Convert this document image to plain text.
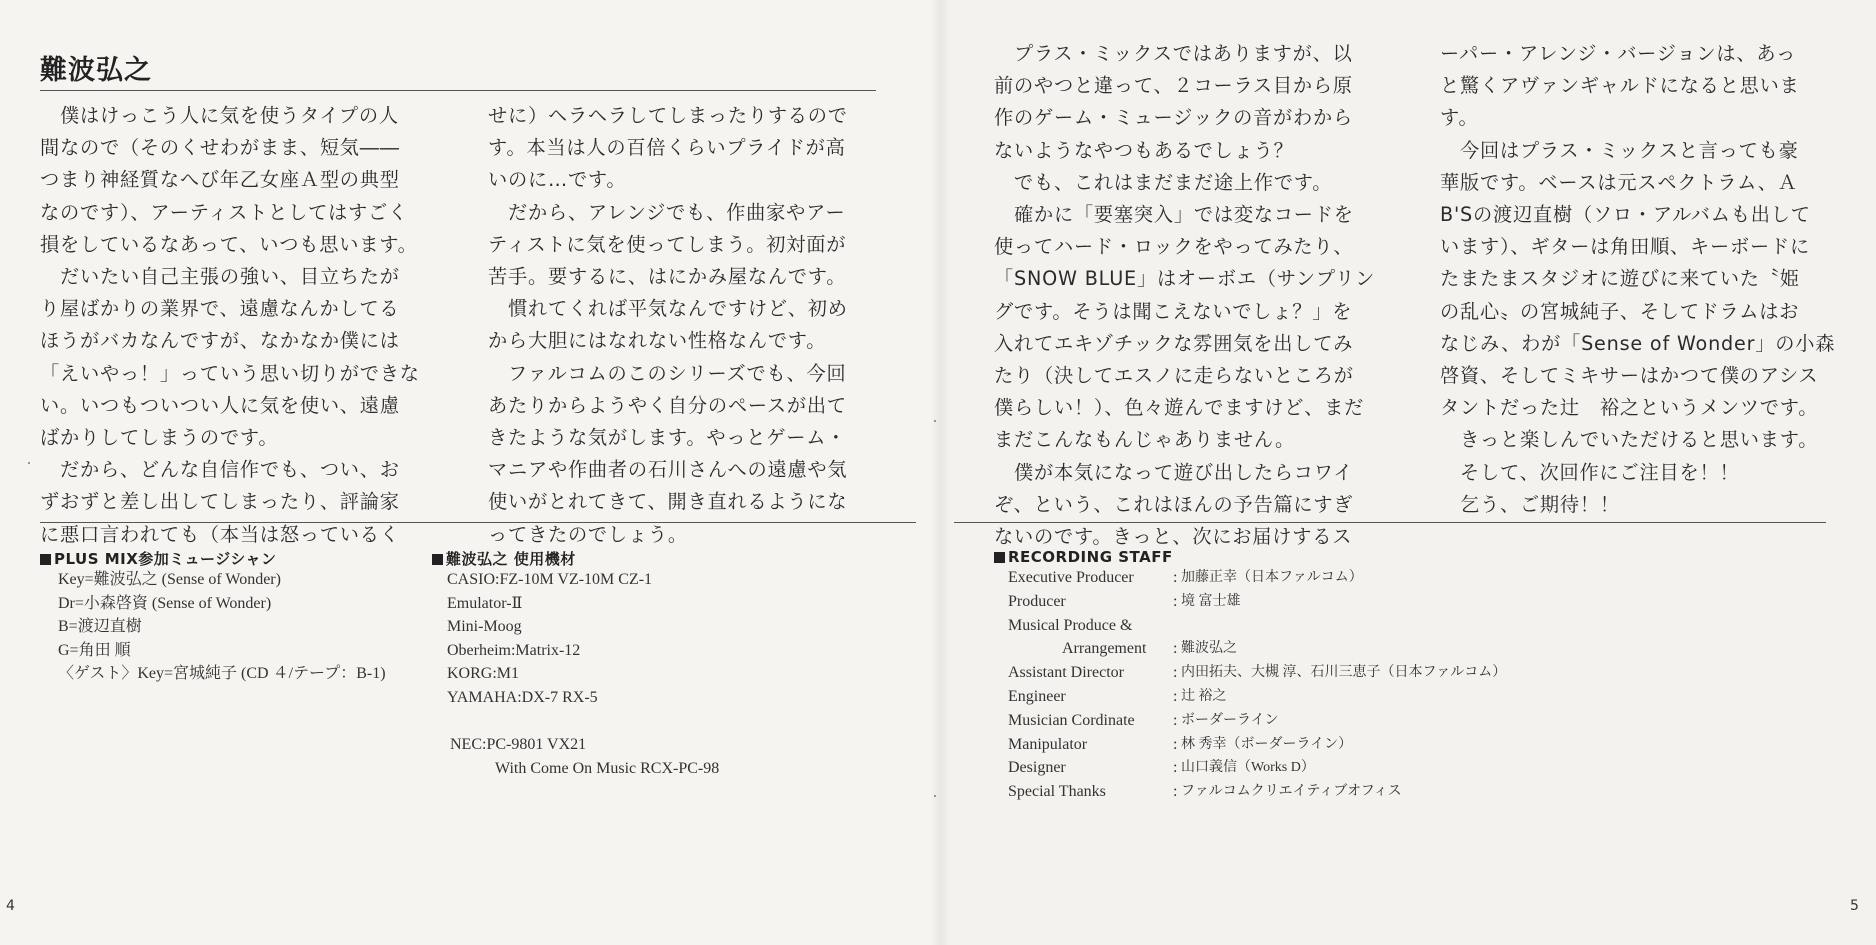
難波弘之

　僕はけっこう人に気を使うタイプの人

間なので（そのくせわがまま、短気――

つまり神経質なへび年乙女座Ａ型の典型

なのです）、アーティストとしてはすごく

損をしているなあって、いつも思います。

　だいたい自己主張の強い、目立ちたが

り屋ばかりの業界で、遠慮なんかしてる

ほうがバカなんですが、なかなか僕には

「えいやっ！」っていう思い切りができな

い。いつもついつい人に気を使い、遠慮

ばかりしてしまうのです。

　だから、どんな自信作でも、つい、お

ずおずと差し出してしまったり、評論家

に悪口言われても（本当は怒っているく

せに）ヘラヘラしてしまったりするので

す。本当は人の百倍くらいプライドが高

いのに…です。

　だから、アレンジでも、作曲家やアー

ティストに気を使ってしまう。初対面が

苦手。要するに、はにかみ屋なんです。

　慣れてくれば平気なんですけど、初め

から大胆にはなれない性格なんです。

　ファルコムのこのシリーズでも、今回

あたりからようやく自分のペースが出て

きたような気がします。やっとゲーム・

マニアや作曲者の石川さんへの遠慮や気

使いがとれてきて、開き直れるようにな

ってきたのでしょう。

PLUS MIX参加ミュージシャン
Key=難波弘之 (Sense of Wonder)
Dr=小森啓資 (Sense of Wonder)
B=渡辺直樹
G=角田 順
〈ゲスト〉Key=宮城純子 (CD ４/テープ：B-1)
難波弘之 使用機材
CASIO:FZ-10M VZ-10M CZ-1
Emulator-Ⅱ
Mini-Moog
Oberheim:Matrix-12
KORG:M1
YAMAHA:DX-7 RX-5
NEC:PC-9801 VX21
With Come On Music RCX-PC-98
4

　プラス・ミックスではありますが、以

前のやつと違って、２コーラス目から原

作のゲーム・ミュージックの音がわから

ないようなやつもあるでしょう？

　でも、これはまだまだ途上作です。

　確かに「要塞突入」では変なコードを

使ってハード・ロックをやってみたり、

「SNOW BLUE」はオーボエ（サンプリン

グです。そうは聞こえないでしょ？」を

入れてエキゾチックな雰囲気を出してみ

たり（決してエスノに走らないところが

僕らしい！）、色々遊んでますけど、まだ

まだこんなもんじゃありません。

　僕が本気になって遊び出したらコワイ

ぞ、という、これはほんの予告篇にすぎ

ないのです。きっと、次にお届けするス

ーパー・アレンジ・バージョンは、あっ

と驚くアヴァンギャルドになると思いま

す。

　今回はプラス・ミックスと言っても豪

華版です。ベースは元スペクトラム、Ａ

B'Sの渡辺直樹（ソロ・アルバムも出して

います）、ギターは角田順、キーボードに

たまたまスタジオに遊びに来ていた〝姫

の乱心〟の宮城純子、そしてドラムはお

なじみ、わが「Sense of Wonder」の小森

啓資、そしてミキサーはかつて僕のアシス

タントだった辻　裕之というメンツです。

　きっと楽しんでいただけると思います。

　そして、次回作にご注目を！！

　乞う、ご期待！！

RECORDING STAFF
Executive Producer	: 加藤正幸（日本ファルコム）
Producer	: 境 富士雄
Musical Produce &
Arrangement	: 難波弘之
Assistant Director	: 内田拓夫、大槻 淳、石川三恵子（日本ファルコム）
Engineer	: 辻 裕之
Musician Cordinate	: ボーダーライン
Manipulator	: 林 秀幸（ボーダーライン）
Designer	: 山口義信（Works D）
Special Thanks	: ファルコムクリエイティブオフィス
5
